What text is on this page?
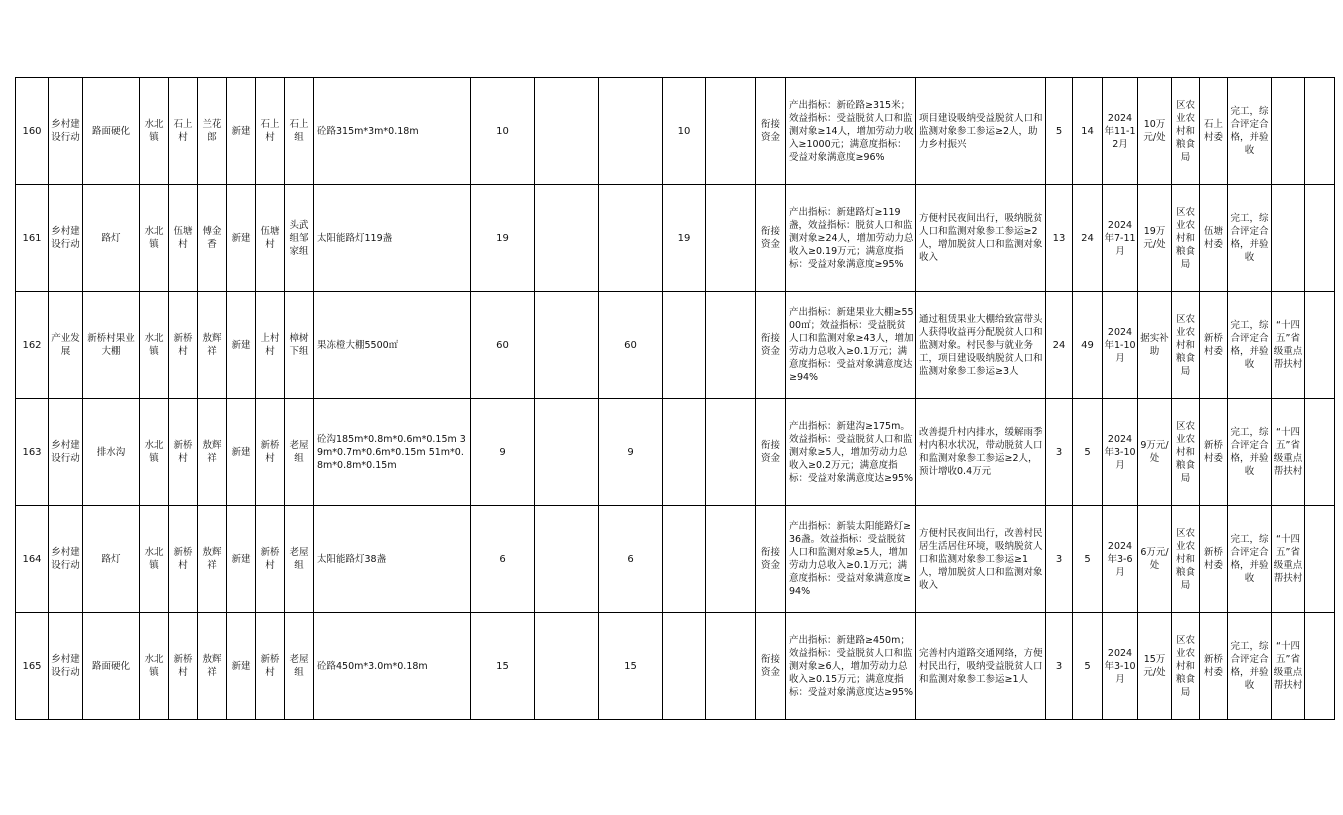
160	乡村建设行动	路面硬化	水北镇	石上村	兰花郎	新建	石上村	石上组	砼路315m*3m*0.18m	10			10		衔接资金	产出指标：新砼路≥315米；效益指标：受益脱贫人口和监测对象≥14人，增加劳动力收入≥1000元；满意度指标：受益对象满意度≥96%	项目建设吸纳受益脱贫人口和监测对象参工参运≥2人，助力乡村振兴	5	14	2024年11-12月	10万元/处	区农业农村和粮食局	石上村委	完工，综合评定合格，并验收		
161	乡村建设行动	路灯	水北镇	伍塘村	傅金香	新建	伍塘村	头武组邹家组	太阳能路灯119盏	19			19		衔接资金	产出指标：新建路灯≥119盏，效益指标：脱贫人口和监测对象≥24人，增加劳动力总收入≥0.19万元；满意度指标：受益对象满意度≥95%	方便村民夜间出行，吸纳脱贫人口和监测对象参工参运≥2人，增加脱贫人口和监测对象收入	13	24	2024年7-11月	19万元/处	区农业农村和粮食局	伍塘村委	完工，综合评定合格，并验收		
162	产业发展	新桥村果业大棚	水北镇	新桥村	敖辉祥	新建	上村村	樟树下组	果冻橙大棚5500㎡	60		60			衔接资金	产出指标：新建果业大棚≥5500㎡；效益指标：受益脱贫人口和监测对象≥43人，增加劳动力总收入≥0.1万元；满意度指标：受益对象满意度达≥94%	通过租赁果业大棚给致富带头人获得收益再分配脱贫人口和监测对象。村民参与就业务工，项目建设吸纳脱贫人口和监测对象参工参运≥3人	24	49	2024年1-10月	据实补助	区农业农村和粮食局	新桥村委	完工，综合评定合格，并验收	“十四五”省级重点帮扶村	
163	乡村建设行动	排水沟	水北镇	新桥村	敖辉祥	新建	新桥村	老屋组	砼沟185m*0.8m*0.6m*0.15m 39m*0.7m*0.6m*0.15m 51m*0.8m*0.8m*0.15m	9		9			衔接资金	产出指标：新建沟≥175m。效益指标：受益脱贫人口和监测对象≥5人，增加劳动力总收入≥0.2万元；满意度指标：受益对象满意度达≥95%	改善提升村内排水，缓解雨季村内积水状况，带动脱贫人口和监测对象参工参运≥2人，预计增收0.4万元	3	5	2024年3-10月	9万元/处	区农业农村和粮食局	新桥村委	完工，综合评定合格，并验收	“十四五”省级重点帮扶村	
164	乡村建设行动	路灯	水北镇	新桥村	敖辉祥	新建	新桥村	老屋组	太阳能路灯38盏	6		6			衔接资金	产出指标：新装太阳能路灯≥36盏。效益指标：受益脱贫人口和监测对象≥5人，增加劳动力总收入≥0.1万元；满意度指标：受益对象满意度≥94%	方便村民夜间出行，改善村民居生活居住环境，吸纳脱贫人口和监测对象参工参运≥1人，增加脱贫人口和监测对象收入	3	5	2024年3-6月	6万元/处	区农业农村和粮食局	新桥村委	完工，综合评定合格，并验收	“十四五”省级重点帮扶村	
165	乡村建设行动	路面硬化	水北镇	新桥村	敖辉祥	新建	新桥村	老屋组	砼路450m*3.0m*0.18m	15		15			衔接资金	产出指标：新建路≥450m；效益指标：受益脱贫人口和监测对象≥6人，增加劳动力总收入≥0.15万元；满意度指标：受益对象满意度达≥95%	完善村内道路交通网络，方便村民出行，吸纳受益脱贫人口和监测对象参工参运≥1人	3	5	2024年3-10月	15万元/处	区农业农村和粮食局	新桥村委	完工，综合评定合格，并验收	“十四五”省级重点帮扶村	
